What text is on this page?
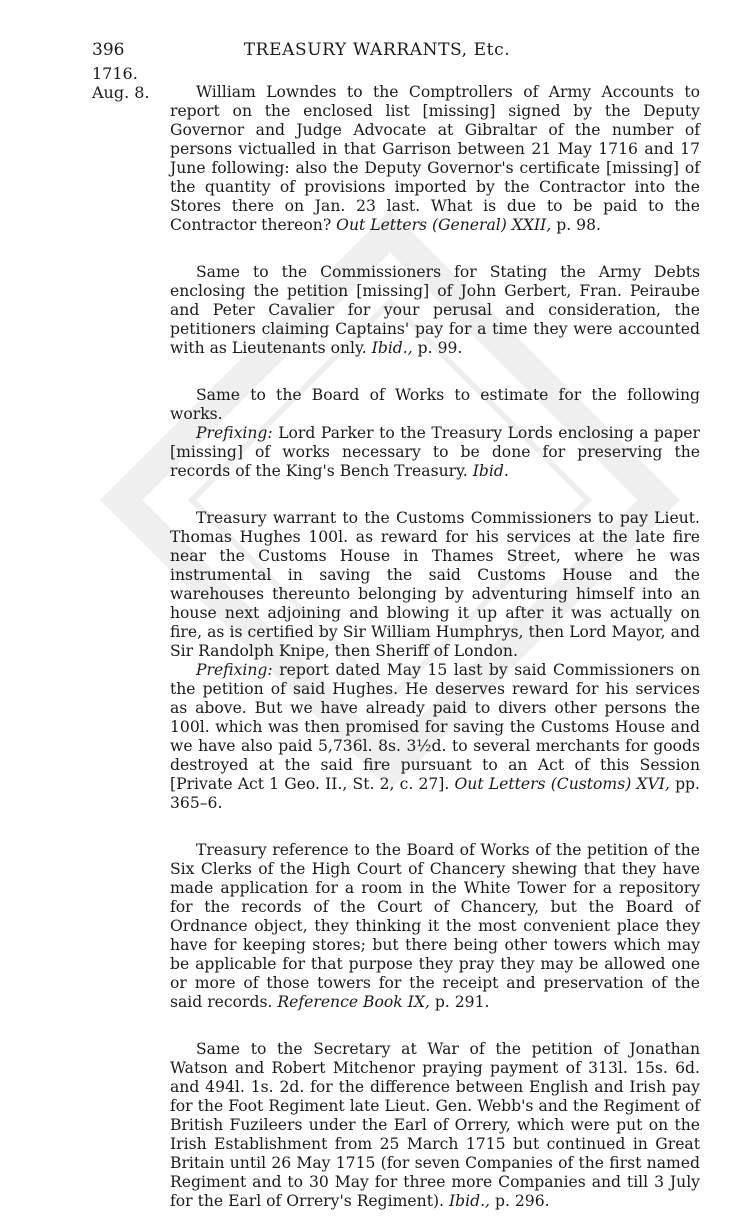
TREASURY WARRANTS, Etc.
396
1716.
Aug. 8.	William Lowndes to the Comptrollers of Army Accounts to report on the enclosed list [missing] signed by the Deputy Governor and Judge Advocate at Gibraltar of the number of persons victualled in that Garrison between 21 May 1716 and 17 June following: also the Deputy Governor's certificate [missing] of the quantity of provisions imported by the Contractor into the Stores there on Jan. 23 last. What is due to be paid to the Contractor thereon? Out Letters (General) XXII, p. 98.

Same to the Commissioners for Stating the Army Debts enclosing the petition [missing] of John Gerbert, Fran. Peiraube and Peter Cavalier for your perusal and consideration, the petitioners claiming Captains' pay for a time they were accounted with as Lieutenants only. Ibid., p. 99.

Same to the Board of Works to estimate for the following works.

Prefixing: Lord Parker to the Treasury Lords enclosing a paper [missing] of works necessary to be done for preserving the records of the King's Bench Treasury. Ibid.

Treasury warrant to the Customs Commissioners to pay Lieut. Thomas Hughes 100l. as reward for his services at the late fire near the Customs House in Thames Street, where he was instrumental in saving the said Customs House and the warehouses thereunto belonging by adventuring himself into an house next adjoining and blowing it up after it was actually on fire, as is certified by Sir William Humphrys, then Lord Mayor, and Sir Randolph Knipe, then Sheriff of London.

Prefixing: report dated May 15 last by said Commissioners on the petition of said Hughes. He deserves reward for his services as above. But we have already paid to divers other persons the 100l. which was then promised for saving the Customs House and we have also paid 5,736l. 8s. 3½d. to several merchants for goods destroyed at the said fire pursuant to an Act of this Session [Private Act 1 Geo. II., St. 2, c. 27]. Out Letters (Customs) XVI, pp. 365–6.

Treasury reference to the Board of Works of the petition of the Six Clerks of the High Court of Chancery shewing that they have made application for a room in the White Tower for a repository for the records of the Court of Chancery, but the Board of Ordnance object, they thinking it the most convenient place they have for keeping stores; but there being other towers which may be applicable for that purpose they pray they may be allowed one or more of those towers for the receipt and preservation of the said records. Reference Book IX, p. 291.

Same to the Secretary at War of the petition of Jonathan Watson and Robert Mitchenor praying payment of 313l. 15s. 6d. and 494l. 1s. 2d. for the difference between English and Irish pay for the Foot Regiment late Lieut. Gen. Webb's and the Regiment of British Fuzileers under the Earl of Orrery, which were put on the Irish Establishment from 25 March 1715 but continued in Great Britain until 26 May 1715 (for seven Companies of the first named Regiment and to 30 May for three more Companies and till 3 July for the Earl of Orrery's Regiment). Ibid., p. 296.
